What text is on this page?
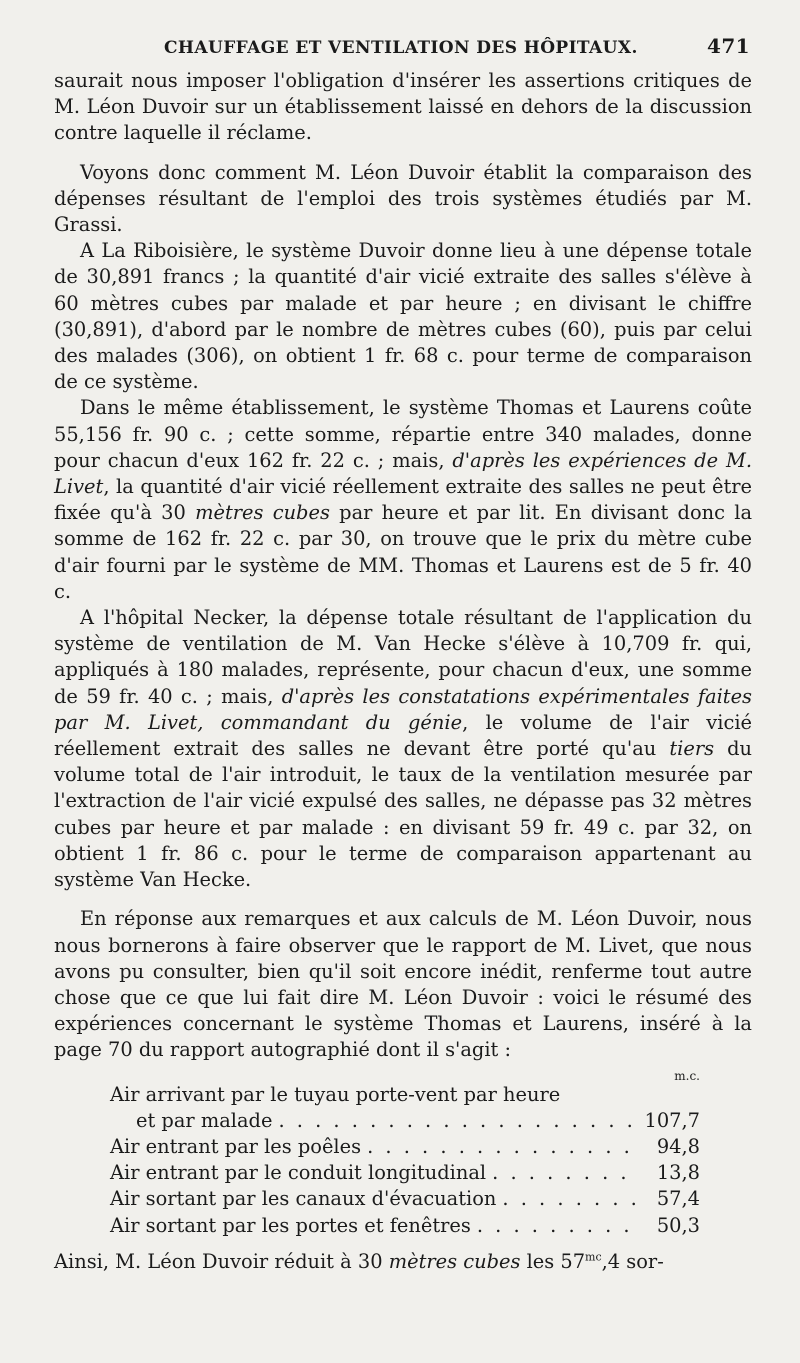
CHAUFFAGE ET VENTILATION DES HÔPITAUX.	471

saurait nous imposer l'obligation d'insérer les assertions critiques de M. Léon Duvoir sur un établissement laissé en dehors de la discussion contre laquelle il réclame.

Voyons donc comment M. Léon Duvoir établit la comparaison des dépenses résultant de l'emploi des trois systèmes étudiés par M. Grassi.

A La Riboisière, le système Duvoir donne lieu à une dépense totale de 30,891 francs ; la quantité d'air vicié extraite des salles s'élève à 60 mètres cubes par malade et par heure ; en divisant le chiffre (30,891), d'abord par le nombre de mètres cubes (60), puis par celui des malades (306), on obtient 1 fr. 68 c. pour terme de comparaison de ce système.

Dans le même établissement, le système Thomas et Laurens coûte 55,156 fr. 90 c. ; cette somme, répartie entre 340 malades, donne pour chacun d'eux 162 fr. 22 c. ; mais, d'après les expériences de M. Livet, la quantité d'air vicié réellement extraite des salles ne peut être fixée qu'à 30 mètres cubes par heure et par lit. En divisant donc la somme de 162 fr. 22 c. par 30, on trouve que le prix du mètre cube d'air fourni par le système de MM. Thomas et Laurens est de 5 fr. 40 c.

A l'hôpital Necker, la dépense totale résultant de l'application du système de ventilation de M. Van Hecke s'élève à 10,709 fr. qui, appliqués à 180 malades, représente, pour chacun d'eux, une somme de 59 fr. 40 c. ; mais, d'après les constatations expérimentales faites par M. Livet, commandant du génie, le volume de l'air vicié réellement extrait des salles ne devant être porté qu'au tiers du volume total de l'air introduit, le taux de la ventilation mesurée par l'extraction de l'air vicié expulsé des salles, ne dépasse pas 32 mètres cubes par heure et par malade : en divisant 59 fr. 49 c. par 32, on obtient 1 fr. 86 c. pour le terme de comparaison appartenant au système Van Hecke.

En réponse aux remarques et aux calculs de M. Léon Duvoir, nous nous bornerons à faire observer que le rapport de M. Livet, que nous avons pu consulter, bien qu'il soit encore inédit, renferme tout autre chose que ce que lui fait dire M. Léon Duvoir : voici le résumé des expériences concernant le système Thomas et Laurens, inséré à la page 70 du rapport autographié dont il s'agit :

m.c.
Air arrivant par le tuyau porte-vent par heure
et par malade . . .	107,7
Air entrant par les poêles . . .	94,8
Air entrant par le conduit longitudinal . . .	13,8
Air sortant par les canaux d'évacuation . . .	57,4
Air sortant par les portes et fenêtres . . .	50,3
Ainsi, M. Léon Duvoir réduit à 30 mètres cubes les $57^{mc},4$ sor-
